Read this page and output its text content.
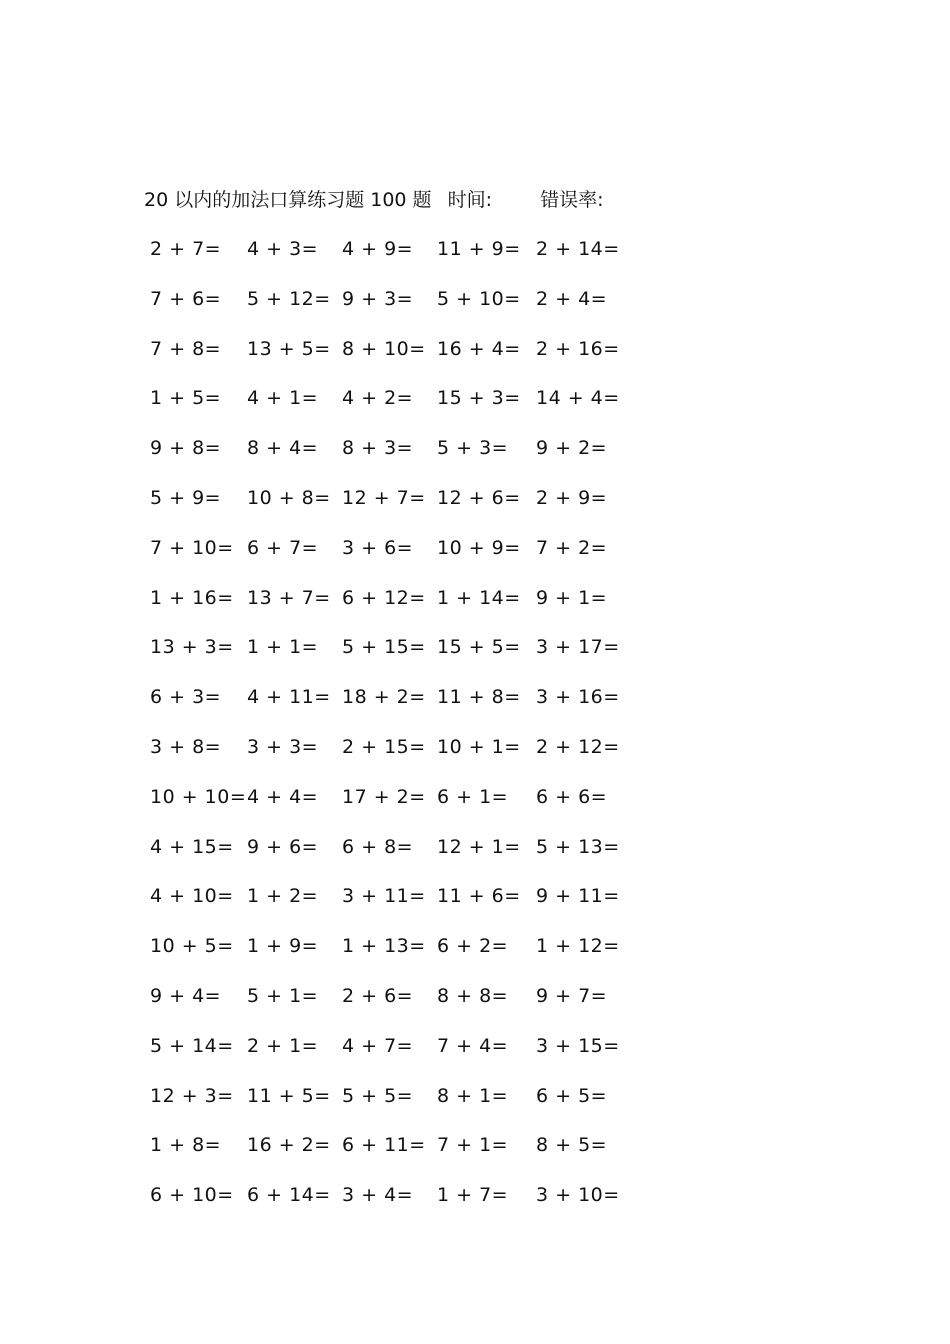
20 以内的加法口算练习题 100 题 时间:	错误率:
2 + 7= 4 + 3= 4 + 9= 11 + 9= 2 + 14=
7 + 6= 5 + 12= 9 + 3= 5 + 10= 2 + 4=
7 + 8= 13 + 5= 8 + 10= 16 + 4= 2 + 16=
1 + 5= 4 + 1= 4 + 2= 15 + 3= 14 + 4=
9 + 8= 8 + 4= 8 + 3= 5 + 3= 9 + 2=
5 + 9= 10 + 8= 12 + 7= 12 + 6= 2 + 9=
7 + 10= 6 + 7= 3 + 6= 10 + 9= 7 + 2=
1 + 16= 13 + 7= 6 + 12= 1 + 14= 9 + 1=
13 + 3= 1 + 1= 5 + 15= 15 + 5= 3 + 17=
6 + 3= 4 + 11= 18 + 2= 11 + 8= 3 + 16=
3 + 8= 3 + 3= 2 + 15= 10 + 1= 2 + 12=
10 + 10= 4 + 4= 17 + 2= 6 + 1= 6 + 6=
4 + 15= 9 + 6= 6 + 8= 12 + 1= 5 + 13=
4 + 10= 1 + 2= 3 + 11= 11 + 6= 9 + 11=
10 + 5= 1 + 9= 1 + 13= 6 + 2= 1 + 12=
9 + 4= 5 + 1= 2 + 6= 8 + 8= 9 + 7=
5 + 14= 2 + 1= 4 + 7= 7 + 4= 3 + 15=
12 + 3= 11 + 5= 5 + 5= 8 + 1= 6 + 5=
1 + 8= 16 + 2= 6 + 11= 7 + 1= 8 + 5=
6 + 10= 6 + 14= 3 + 4= 1 + 7= 3 + 10=
